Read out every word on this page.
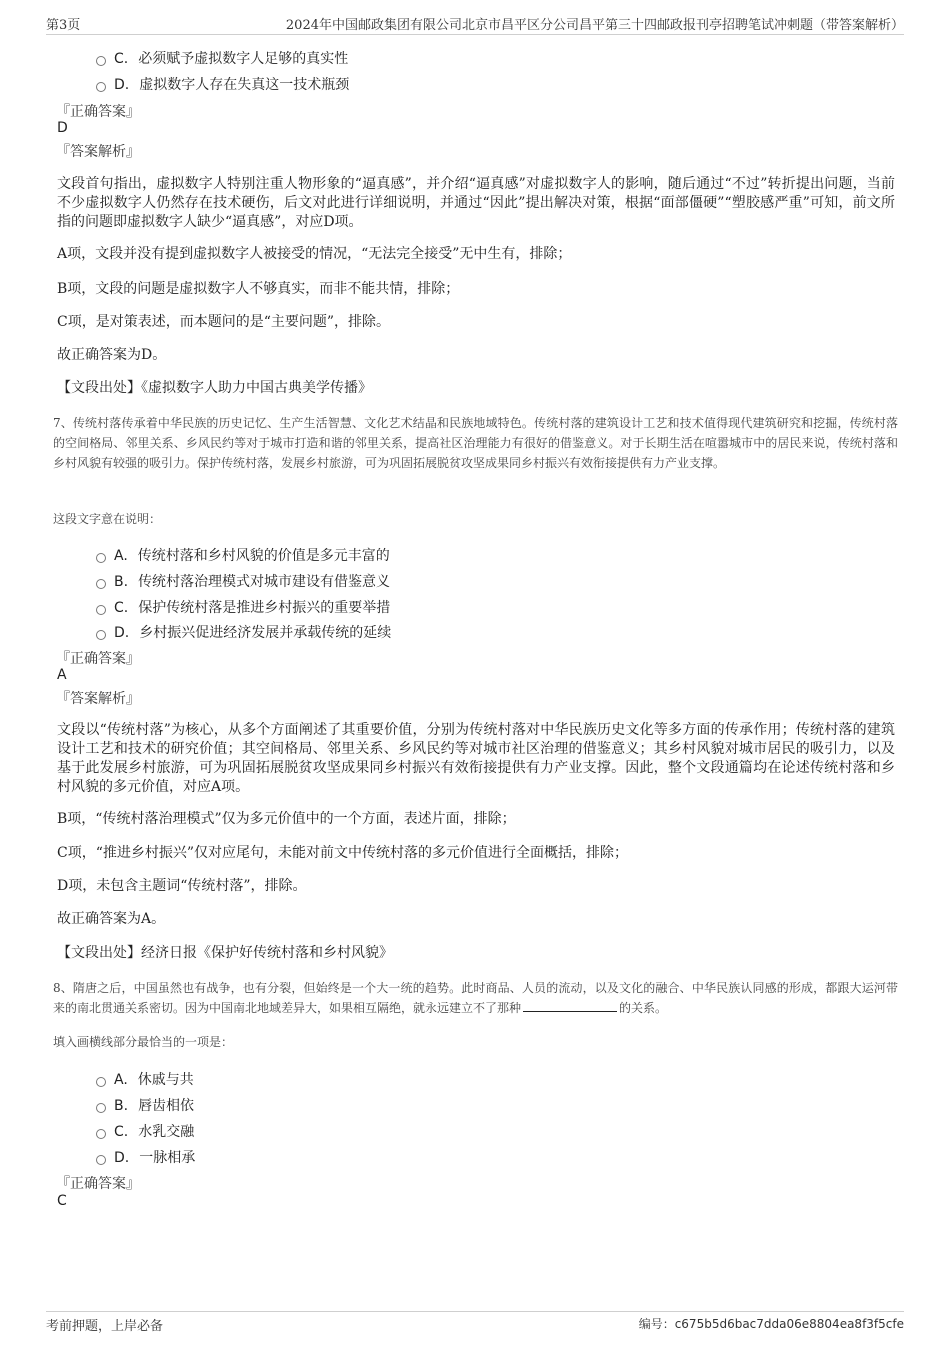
第3页	2024年中国邮政集团有限公司北京市昌平区分公司昌平第三十四邮政报刊亭招聘笔试冲刺题（带答案解析）
C. 必须赋予虚拟数字人足够的真实性
D. 虚拟数字人存在失真这一技术瓶颈
『正确答案』
D
『答案解析』
文段首句指出，虚拟数字人特别注重人物形象的“逼真感”，并介绍“逼真感”对虚拟数字人的影响，随后通过“不过”转折提出问题，当前不少虚拟数字人仍然存在技术硬伤，后文对此进行详细说明，并通过“因此”提出解决对策，根据“面部僵硬”“塑胶感严重”可知，前文所指的问题即虚拟数字人缺少“逼真感”，对应D项。
A项，文段并没有提到虚拟数字人被接受的情况，“无法完全接受”无中生有，排除；
B项，文段的问题是虚拟数字人不够真实，而非不能共情，排除；
C项，是对策表述，而本题问的是“主要问题”，排除。
故正确答案为D。
【文段出处】《虚拟数字人助力中国古典美学传播》
7、传统村落传承着中华民族的历史记忆、生产生活智慧、文化艺术结晶和民族地域特色。传统村落的建筑设计工艺和技术值得现代建筑研究和挖掘，传统村落的空间格局、邻里关系、乡风民约等对于城市打造和谐的邻里关系，提高社区治理能力有很好的借鉴意义。对于长期生活在喧嚣城市中的居民来说，传统村落和乡村风貌有较强的吸引力。保护传统村落，发展乡村旅游，可为巩固拓展脱贫攻坚成果同乡村振兴有效衔接提供有力产业支撑。
这段文字意在说明：
A. 传统村落和乡村风貌的价值是多元丰富的
B. 传统村落治理模式对城市建设有借鉴意义
C. 保护传统村落是推进乡村振兴的重要举措
D. 乡村振兴促进经济发展并承载传统的延续
『正确答案』
A
『答案解析』
文段以“传统村落”为核心，从多个方面阐述了其重要价值，分别为传统村落对中华民族历史文化等多方面的传承作用；传统村落的建筑设计工艺和技术的研究价值；其空间格局、邻里关系、乡风民约等对城市社区治理的借鉴意义；其乡村风貌对城市居民的吸引力，以及基于此发展乡村旅游，可为巩固拓展脱贫攻坚成果同乡村振兴有效衔接提供有力产业支撑。因此，整个文段通篇均在论述传统村落和乡村风貌的多元价值，对应A项。
B项，“传统村落治理模式”仅为多元价值中的一个方面，表述片面，排除；
C项，“推进乡村振兴”仅对应尾句，未能对前文中传统村落的多元价值进行全面概括，排除；
D项，未包含主题词“传统村落”，排除。
故正确答案为A。
【文段出处】经济日报《保护好传统村落和乡村风貌》
8、隋唐之后，中国虽然也有战争，也有分裂，但始终是一个大一统的趋势。此时商品、人员的流动，以及文化的融合、中华民族认同感的形成，都跟大运河带来的南北贯通关系密切。因为中国南北地域差异大，如果相互隔绝，就永远建立不了那种	的关系。
填入画横线部分最恰当的一项是：
A. 休戚与共
B. 唇齿相依
C. 水乳交融
D. 一脉相承
『正确答案』
C
考前押题，上岸必备	编号：c675b5d6bac7dda06e8804ea8f3f5cfe
